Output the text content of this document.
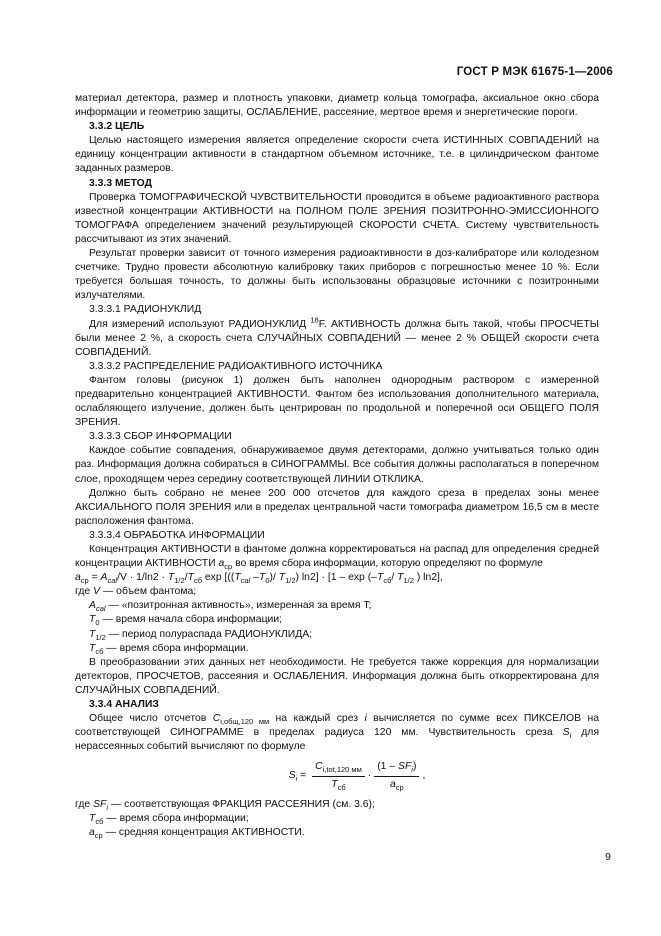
ГОСТ Р МЭК 61675-1—2006

материал детектора, размер и плотность упаковки, диаметр кольца томографа, аксиальное окно сбора информации и геометрию защиты, ОСЛАБЛЕНИЕ, рассеяние, мертвое время и энергетические пороги.

3.3.2 ЦЕЛЬ

Целью настоящего измерения является определение скорости счета ИСТИННЫХ СОВПАДЕНИЙ на единицу концентрации активности в стандартном объемном источнике, т.е. в цилиндрическом фантоме заданных размеров.

3.3.3 МЕТОД

Проверка ТОМОГРАФИЧЕСКОЙ ЧУВСТВИТЕЛЬНОСТИ проводится в объеме радиоактивного раствора известной концентрации АКТИВНОСТИ на ПОЛНОМ ПОЛЕ ЗРЕНИЯ ПОЗИТРОННО-ЭМИССИОННОГО ТОМОГРАФА определением значений результирующей СКОРОСТИ СЧЕТА. Систему чувствительность рассчитывают из этих значений.

Результат проверки зависит от точного измерения радиоактивности в доз-калибраторе или колодезном счетчике. Трудно провести абсолютную калибровку таких приборов с погрешностью менее 10 %. Если требуется большая точность, то должны быть использованы образцовые источники с позитронными излучателями.

3.3.3.1 РАДИОНУКЛИД

Для измерений используют РАДИОНУКЛИД $^{18}$F. АКТИВНОСТЬ должна быть такой, чтобы ПРОСЧЕТЫ были менее 2 %, а скорость счета СЛУЧАЙНЫХ СОВПАДЕНИЙ — менее 2 % ОБЩЕЙ скорости счета СОВПАДЕНИЙ.

3.3.3.2 РАСПРЕДЕЛЕНИЕ РАДИОАКТИВНОГО ИСТОЧНИКА

Фантом головы (рисунок 1) должен быть наполнен однородным раствором с измеренной предварительно концентрацией АКТИВНОСТИ. Фантом без использования дополнительного материала, ослабляющего излучение, должен быть центрирован по продольной и поперечной оси ОБЩЕГО ПОЛЯ ЗРЕНИЯ.

3.3.3.3 СБОР ИНФОРМАЦИИ

Каждое событие совпадения, обнаруживаемое двумя детекторами, должно учитываться только один раз. Информация должна собираться в СИНОГРАММЫ. Все события должны располагаться в поперечном слое, проходящем через середину соответствующей ЛИНИИ ОТКЛИКА.

Должно быть собрано не менее 200 000 отсчетов для каждого среза в пределах зоны менее АКСИАЛЬНОГО ПОЛЯ ЗРЕНИЯ или в пределах центральной части томографа диаметром 16,5 см в месте расположения фантома.

3.3.3.4 ОБРАБОТКА ИНФОРМАЦИИ

Концентрация АКТИВНОСТИ в фантоме должна корректироваться на распад для определения средней концентрации АКТИВНОСТИ $a_{ср}$ во время сбора информации, которую определяют по формуле

$a_{ср} = A_{cal}/V \cdot 1/\ln 2 \cdot T_{1/2}/T_{сб}$ $\exp [((T_{cal}$ $-T_0)/$ $T_{1/2}$) $\ln 2] \cdot [1 - \exp (-T_{сб}/$ $T_{1/2}$ ) ln2],

где V — объем фантома;

$A_{cal}$ — «позитронная активность», измеренная за время T;

$T_0$ — время начала сбора информации;

$T_{1/2}$ — период полураспада РАДИОНУКЛИДА;

$T_{сб}$ — время сбора информации.

В преобразовании этих данных нет необходимости. Не требуется также коррекция для нормализации детекторов, ПРОСЧЕТОВ, рассеяния и ОСЛАБЛЕНИЯ. Информация должна быть откорректирована для СЛУЧАЙНЫХ СОВПАДЕНИЙ.

3.3.4 АНАЛИЗ

Общее число отсчетов $C_{i,общ,120 мм}$ на каждый срез i вычисляется по сумме всех ПИКСЕЛОВ на соответствующей СИНОГРАММЕ в пределах радиуса 120 мм. Чувствительность среза $S_i$ для нерассеянных событий вычисляют по формуле

$S_i = \frac{C_{i,tot,120 мм}}{T_{сб}} \cdot \frac{(1 - SF_i)}{a_{ср}}$ ,

где $SF_i$ — соответствующая ФРАКЦИЯ РАССЕЯНИЯ (см. 3.6);

$T_{сб}$ — время сбора информации;

$a_{ср}$ — средняя концентрация АКТИВНОСТИ.

9
